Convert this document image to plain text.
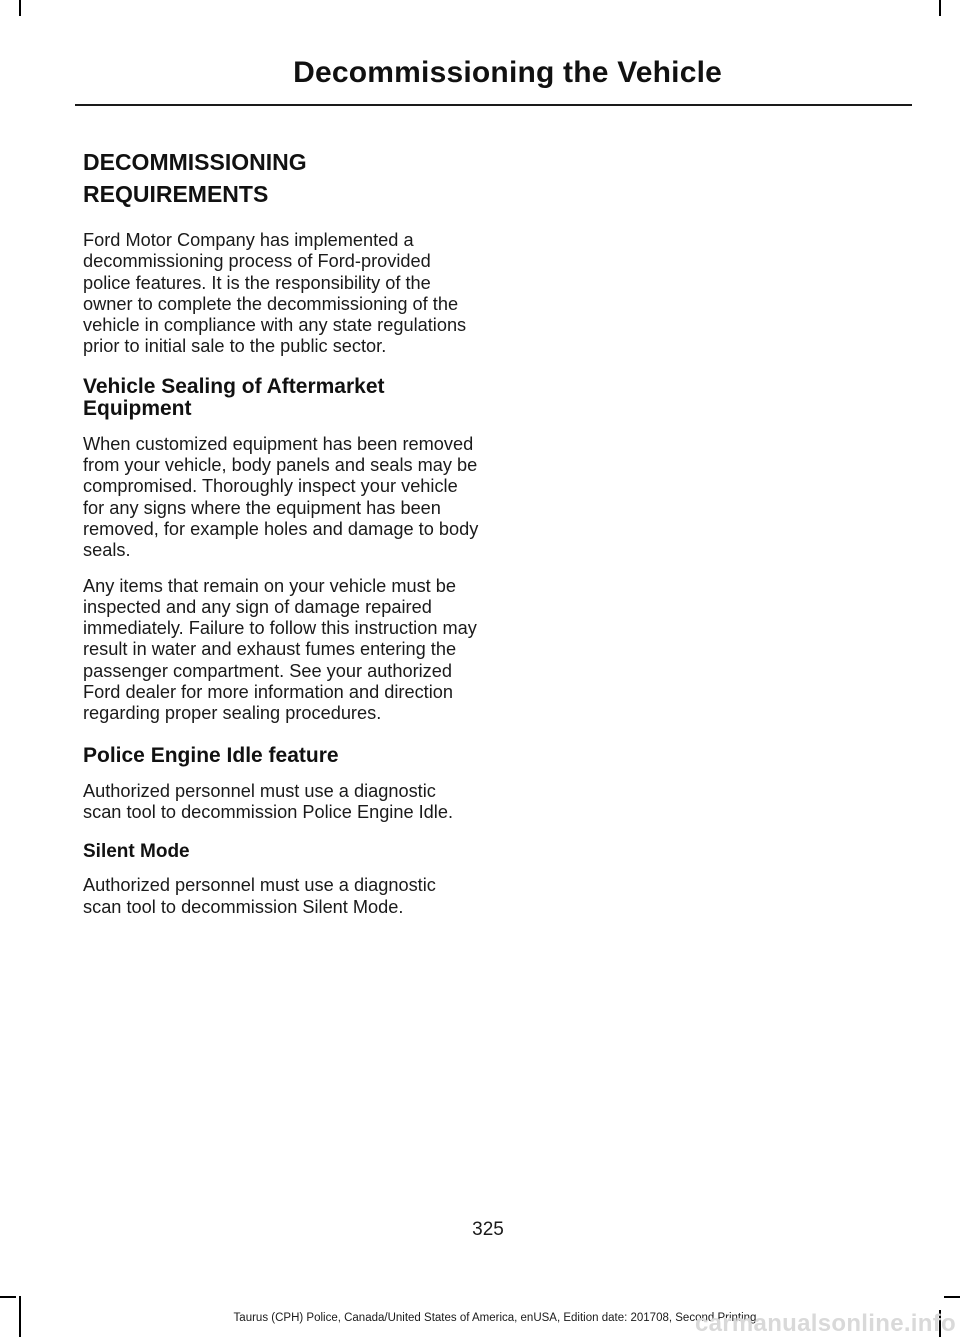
Decommissioning the Vehicle
DECOMMISSIONING
REQUIREMENTS

Ford Motor Company has implemented a decommissioning process of Ford-provided police features. It is the responsibility of the owner to complete the decommissioning of the vehicle in compliance with any state regulations prior to initial sale to the public sector.

Vehicle Sealing of Aftermarket Equipment

When customized equipment has been removed from your vehicle, body panels and seals may be compromised. Thoroughly inspect your vehicle for any signs where the equipment has been removed, for example holes and damage to body seals.

Any items that remain on your vehicle must be inspected and any sign of damage repaired immediately. Failure to follow this instruction may result in water and exhaust fumes entering the passenger compartment. See your authorized Ford dealer for more information and direction regarding proper sealing procedures.

Police Engine Idle feature

Authorized personnel must use a diagnostic scan tool to decommission Police Engine Idle.

Silent Mode

Authorized personnel must use a diagnostic scan tool to decommission Silent Mode.

325
Taurus (CPH) Police, Canada/United States of America, enUSA, Edition date: 201708, Second Printing
carmanualsonline.info
